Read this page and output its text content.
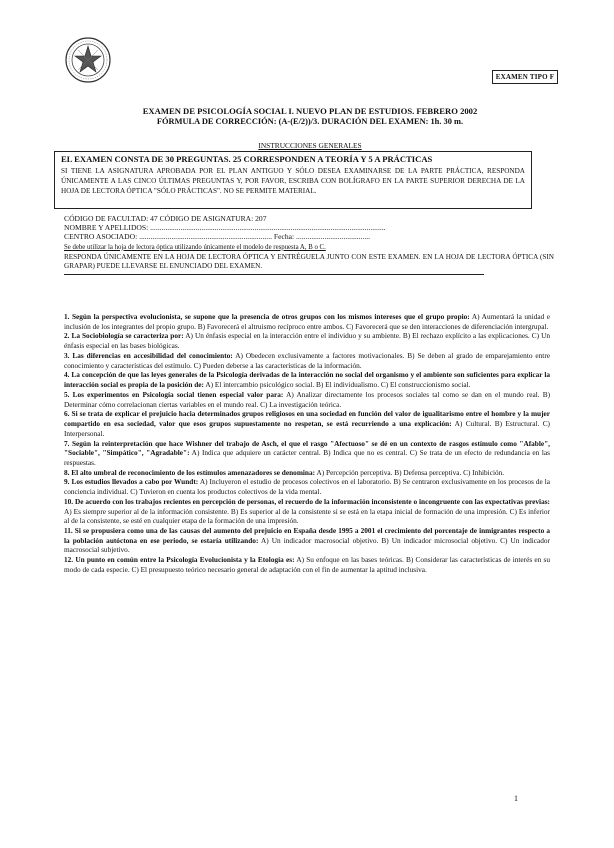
EXAMEN TIPO F
EXAMEN DE PSICOLOGÍA SOCIAL I. NUEVO PLAN DE ESTUDIOS. FEBRERO 2002
FÓRMULA DE CORRECCIÓN: (A-(E/2))/3. DURACIÓN DEL EXAMEN: 1h. 30 m.
INSTRUCCIONES GENERALES
EL EXAMEN CONSTA DE 30 PREGUNTAS. 25 CORRESPONDEN A TEORÍA Y 5 A PRÁCTICAS
SI TIENE LA ASIGNATURA APROBADA POR EL PLAN ANTIGUO Y SÓLO DESEA EXAMINARSE DE LA PARTE PRÁCTICA, RESPONDA ÚNICAMENTE A LAS CINCO ÚLTIMAS PREGUNTAS Y, POR FAVOR, ESCRIBA CON BOLÍGRAFO EN LA PARTE SUPERIOR DERECHA DE LA HOJA DE LECTORA ÓPTICA "SÓLO PRÁCTICAS". NO SE PERMITE MATERIAL.
CÓDIGO DE FACULTAD: 47 CÓDIGO DE ASIGNATURA: 207
NOMBRE Y APELLIDOS: ............................................................................................................................
CENTRO ASOCIADO: ...................................................................... Fecha: .......................................
Se debe utilizar la hoja de lectora óptica utilizando únicamente el modelo de respuesta A, B o C.
RESPONDA ÚNICAMENTE EN LA HOJA DE LECTORA ÓPTICA Y ENTRÉGUELA JUNTO CON ESTE EXAMEN. EN LA HOJA DE LECTORA ÓPTICA (SIN GRAPAR) PUEDE LLEVARSE EL ENUNCIADO DEL EXAMEN.

1. Según la perspectiva evolucionista, se supone que la presencia de otros grupos con los mismos intereses que el grupo propio: A) Aumentará la unidad e inclusión de los integrantes del propio grupo. B) Favorecerá el altruismo recíproco entre ambos. C) Favorecerá que se den interacciones de diferenciación intergrupal.

2. La Sociobiología se caracteriza por: A) Un énfasis especial en la interacción entre el individuo y su ambiente. B) El rechazo explícito a las explicaciones. C) Un énfasis especial en las bases biológicas.

3. Las diferencias en accesibilidad del conocimiento: A) Obedecen exclusivamente a factores motivacionales. B) Se deben al grado de emparejamiento entre conocimiento y características del estímulo. C) Pueden deberse a las características de la información.

4. La concepción de que las leyes generales de la Psicología derivadas de la interacción no social del organismo y el ambiente son suficientes para explicar la interacción social es propia de la posición de: A) El intercambio psicológico social. B) El individualismo. C) El construccionismo social.

5. Los experimentos en Psicología social tienen especial valor para: A) Analizar directamente los procesos sociales tal como se dan en el mundo real. B) Determinar cómo correlacionan ciertas variables en el mundo real. C) La investigación teórica.

6. Si se trata de explicar el prejuicio hacia determinados grupos religiosos en una sociedad en función del valor de igualitarismo entre el hombre y la mujer compartido en esa sociedad, valor que esos grupos supuestamente no respetan, se está recurriendo a una explicación: A) Cultural. B) Estructural. C) Interpersonal.

7. Según la reinterpretación que hace Wishner del trabajo de Asch, el que el rasgo "Afectuoso" se dé en un contexto de rasgos estímulo como "Afable", "Sociable", "Simpático", "Agradable": A) Indica que adquiere un carácter central. B) Indica que no es central. C) Se trata de un efecto de redundancia en las respuestas.

8. El alto umbral de reconocimiento de los estímulos amenazadores se denomina: A) Percepción perceptiva. B) Defensa perceptiva. C) Inhibición.

9. Los estudios llevados a cabo por Wundt: A) Incluyeron el estudio de procesos colectivos en el laboratorio. B) Se centraron exclusivamente en los procesos de la conciencia individual. C) Tuvieron en cuenta los productos colectivos de la vida mental.

10. De acuerdo con los trabajos recientes en percepción de personas, el recuerdo de la información inconsistente o incongruente con las expectativas previas: A) Es siempre superior al de la información consistente. B) Es superior al de la consistente si se está en la etapa inicial de formación de una impresión. C) Es inferior al de la consistente, se esté en cualquier etapa de la formación de una impresión.

11. Si se propusiera como una de las causas del aumento del prejuicio en España desde 1995 a 2001 el crecimiento del porcentaje de inmigrantes respecto a la población autóctona en ese periodo, se estaría utilizando: A) Un indicador macrosocial objetivo. B) Un indicador microsocial objetivo. C) Un indicador macrosocial subjetivo.

12. Un punto en común entre la Psicología Evolucionista y la Etología es: A) Su enfoque en las bases teóricas. B) Considerar las características de interés en su modo de cada especie. C) El presupuesto teórico necesario general de adaptación con el fin de aumentar la aptitud inclusiva.

1
